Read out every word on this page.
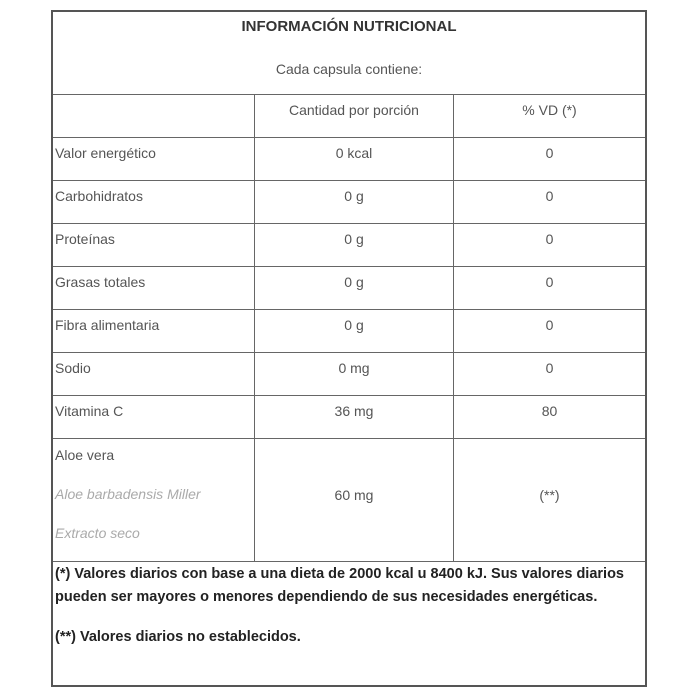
INFORMACIÓN NUTRICIONAL
Cada capsula contiene:

	Cantidad por porción	% VD (*)

Valor energético	0 kcal	0

Carbohidratos	0 g	0

Proteínas	0 g	0

Grasas totales	0 g	0

Fibra alimentaria	0 g	0

Sodio	0 mg	0

Vitamina C	36 mg	80

Aloe vera
Aloe barbadensis Miller
Extracto seco	60 mg	(**)

(*) Valores diarios con base a una dieta de 2000 kcal u 8400 kJ. Sus valores diarios pueden ser mayores o menores dependiendo de sus necesidades energéticas.

(**) Valores diarios no establecidos.
